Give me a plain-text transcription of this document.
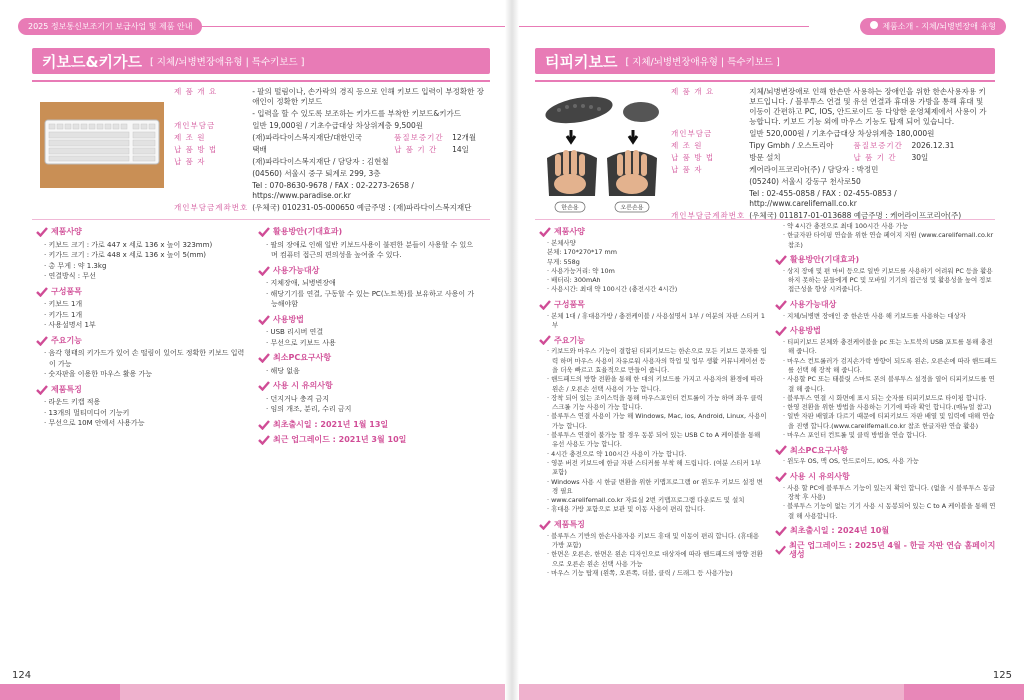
2025 정보통신보조기기 보급사업 및 제품 안내
키보드&키가드 [ 지체/뇌병변장애유형 | 특수키보드 ]
제 품 개 요	- 팔의 떨림이나, 손가락의 경직 등으로 인해 키보드 입력이 부정확한 장애인이 정확한 키보드		
	- 입력을 할 수 있도록 보조하는 키가드를 부착한 키보드&키가드		
개인부담금	일반 19,000원 / 기초수급대상 차상위계층 9,500원		
제 조 원	(재)파라다이스복지재단/대한민국	품질보증기간	12개월
납 품 방 법	택배	납 품 기 간	14일
납 품 자	(재)파라다이스복지재단 / 담당자 : 김현철		
	(04560) 서울시 중구 퇴계로 299, 3층		
	Tel : 070-8630-9678 / FAX : 02-2273-2658 / https://www.paradise.or.kr		
개인부담금계좌번호	(우체국) 010231-05-000650 예금주명 : (재)파라다이스복지재단		
제품사양
· 키보드 크기 : 가로 447 x 세로 136 x 높이 323mm)
· 키가드 크기 : 가로 448 x 세로 136 x 높이 5(mm)
· 총 무게 : 약 1.3kg
· 연결방식 : 무선
구성품목
· 키보드 1개
· 키가드 1개
· 사용설명서 1부
주요기능
· 음각 형태의 키가드가 있어 손 떨림이 있어도 정확한 키보드 입력이 가능
· 숫자판을 이용한 마우스 활용 가능
제품특징
· 라운드 키캡 적용
· 13개의 멀티미디어 기능키
· 무선으로 10M 안에서 사용가능
활용방안(기대효과)
· 팔의 장애로 인해 일반 키보드사용이 불편한 분들이 사용할 수 있으며 컴퓨터 접근의 편의성을 높여줄 수 있다.
사용가능대상
· 지체장애, 뇌병변장애
· 해당기기를 연결, 구동할 수 있는 PC(노트북)를 보유하고 사용이 가능해야함
사용방법
· USB 리시버 연결
· 무선으로 키보드 사용
최소PC요구사항
· 해당 없음
사용 시 유의사항
· 던지거나 충격 금지
· 임의 개조, 분리, 수리 금지
최초출시일 : 2021년 1월 13일
최근 업그레이드 : 2021년 3월 10일
124
제품소개 - 지체/뇌병변장애 유형
티피키보드 [ 지체/뇌병변장애유형 | 특수키보드 ]
한손용	오른손용
제 품 개 요	지체/뇌병변장애로 인해 한손만 사용하는 장애인을 위한 한손사용자용 키보드입니다. / 블루투스 연결 및 유선 연결과 휴대용 가방을 통해 휴대 및 이동이 간편하고 PC, IOS, 안드로이드 등 다양한 운영체제에서 사용이 가능합니다. 키보드 기능 외에 마우스 기능도 탑재 되어 있습니다.		
개인부담금	일반 520,000원 / 기초수급대상 차상위계층 180,000원		
제 조 원	Tipy Gmbh / 오스트리아	품질보증기간	2026.12.31
납 품 방 법	방문 설치	납 품 기 간	30일
납 품 자	케어라이프코리아(주) / 담당자 : 박정민		
	(05240) 서울시 강동구 천사로50		
	Tel : 02-455-0858 / FAX : 02-455-0853 / http://www.carelifemall.co.kr		
개인부담금계좌번호	(우체국) 011817-01-013688 예금주명 : 케어라이프코리아(주)		
제품사양
· 본체사양
본체: 170*270*17 mm
무게: 558g
· 사용가능거리: 약 10m
· 배터리: 300mAh
· 사용시간: 최대 약 100시간 (충전시간 4시간)
구성품목
· 본체 1대 / 휴대용가방 / 충전케이블 / 사용설명서 1부 / 여분의 자판 스티커 1부
주요기능
· 키보드와 마우스 기능이 결합된 티피키보드는 한손으로 모든 키보드 문자를 입력 하며 마우스 사용이 자유로워 사용자의 학업 및 업무 생활 커뮤니케이션 등을 더욱 빠르고 효율적으로 만들어 줍니다.
· 핸드패드의 방향 전환을 통해 한 대의 키보드를 가지고 사용자의 환경에 따라 왼손 / 오른손 선택 사용이 가능 합니다.
· 장착 되어 있는 조이스틱을 통해 마우스포인터 컨트롤이 가능 하며 좌우 클릭 스크롤 기능 사용이 가능 합니다.
· 블루투스 연결 사용이 가능 해 Windows, Mac, ios, Android, Linux, 사용이 가능 합니다.
· 블루투스 연결이 불가능 할 경우 동봉 되어 있는 USB C to A 케이블을 통해 유선 사용도 가능 합니다.
· 4시간 충전으로 약 100시간 사용이 가능 합니다.
· 영문 버전 키보드에 한글 자판 스티커를 부착 해 드립니다. (여분 스티커 1부 포함)
· Windows 사용 시 한글 변환을 위한 키맵프로그램 or 윈도우 키보드 설정 변경 필요
· www.carelifemall.co.kr 자료실 2번 키맵프로그램 다운로드 및 설치
· 휴대용 가방 포함으로 보관 및 이동 사용이 편리 합니다.
제품특징
· 블루투스 기반의 한손사용자용 키보드 휴대 및 이동이 편리 합니다. (휴대용 가방 포함)
· 한면은 오른손, 한면은 왼손 디자인으로 대상자에 따라 핸드패드의 방향 전환으로 오른손 왼손 선택 사용 가능
· 마우스 기능 탑재 (왼쪽, 오른쪽, 더블, 클릭 / 드래그 등 사용가능)
· 약 4시간 충전으로 최대 100시간 사용 가능
· 한글자판 타이핑 연습을 위한 연습 페이지 지원 (www.carelifemall.co.kr 참조)
활용방안(기대효과)
· 상지 장애 및 편 마비 등으로 일반 키보드를 사용하기 어려워 PC 등을 활용하지 못하는 분들에게 PC 및 모바일 기기의 접근성 및 활용성을 높여 정보 접근성을 향상 시켜줍니다.
사용가능대상
· 지체/뇌병변 장애인 중 한손만 사용 해 키보드를 사용하는 대상자
사용방법
· 티피키보드 본체와 충전케이블을 pc 또는 노트북의 USB 포트를 통해 충전 해 줍니다.
· 마우스 컨트롤러가 검지손가락 방향이 되도록 왼손, 오른손에 따라 핸드패드를 선택 해 장착 해 줍니다.
· 사용할 PC 또는 태블릿 스마트 폰의 블루투스 설정을 열어 티피키보드를 연결 해 줍니다.
· 블루투스 연결 시 화면에 표시 되는 숫자를 티피키보드로 타이핑 합니다.
· 한영 전환을 위한 방법을 사용하는 기기에 따라 확인 합니다.(매뉴얼 참고)
· 일반 자판 배열과 다르기 때문에 티피키보드 자판 배열 및 입력에 대해 연습을 진행 합니다.(www.carelifemall.co.kr 참조 한글자판 연습 활용)
· 마우스 포인터 컨트롤 및 클릭 방법을 연습 합니다.
최소PC요구사항
· 윈도우 OS, 맥 OS, 안드로이드, IOS, 사용 가능
사용 시 유의사항
· 사용 할 PC에 블루투스 기능이 있는지 확인 합니다. (없을 시 블루투스 동글 장착 후 사용)
· 블루투스 기능이 없는 기기 사용 시 동봉되어 있는 C to A 케이블을 통해 연결 해 사용합니다.
최초출시일 : 2024년 10월
최근 업그레이드 : 2025년 4월 - 한글 자판 연습 홈페이지 생성
125
